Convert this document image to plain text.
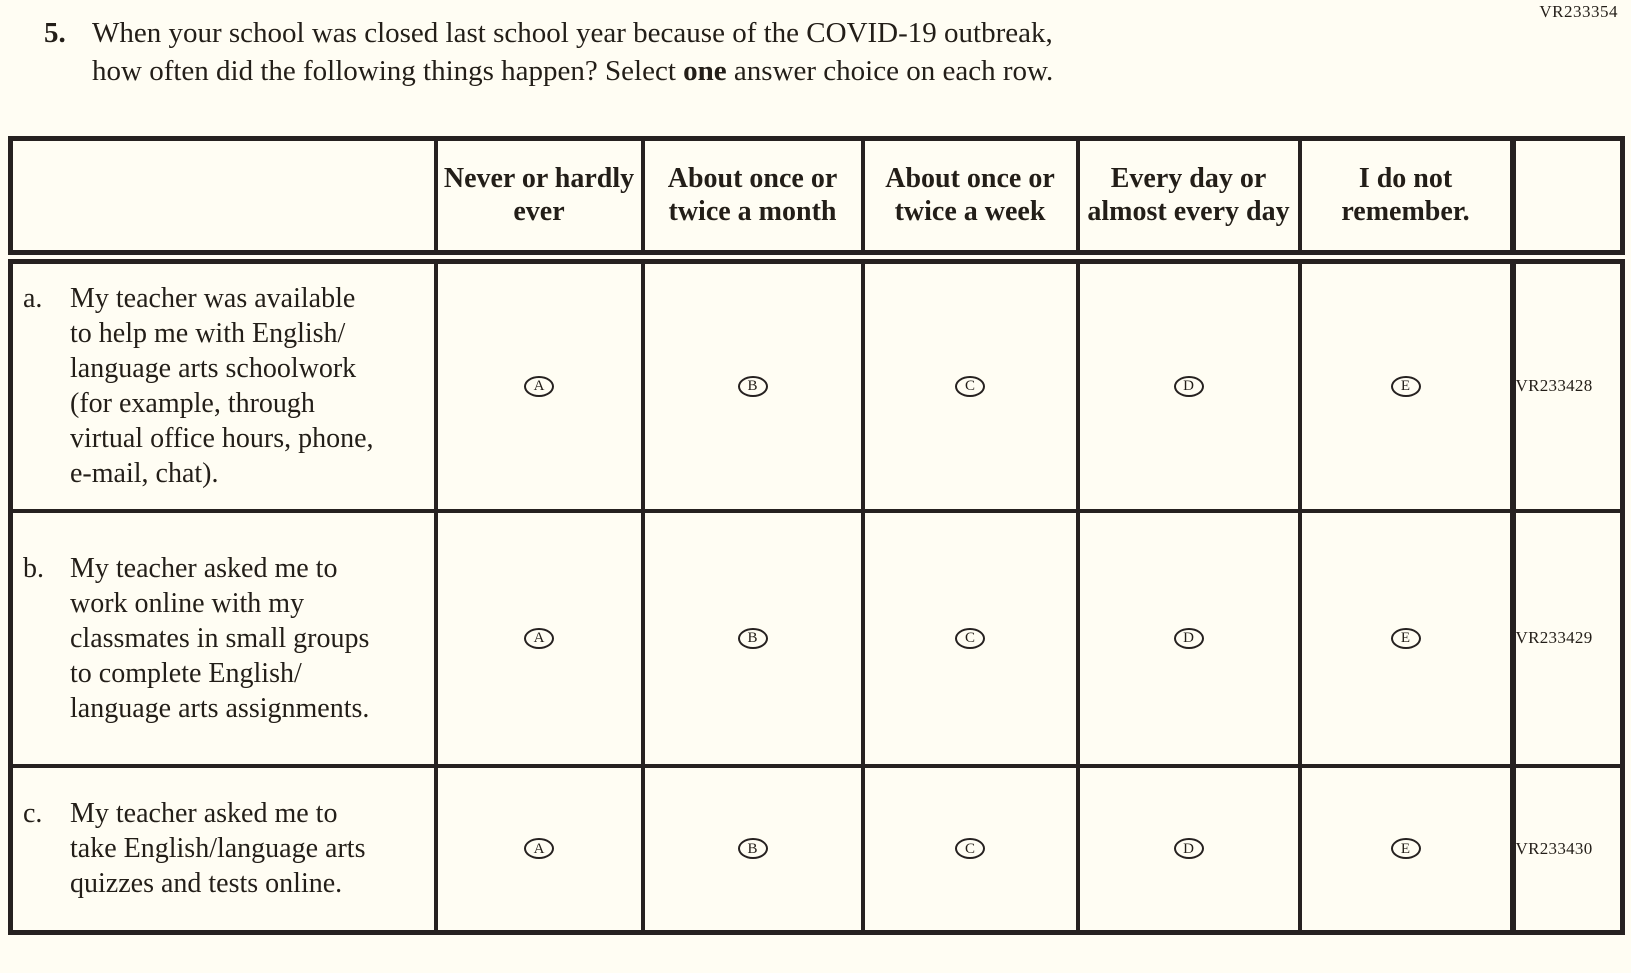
VR233354
5. When your school was closed last school year because of the COVID-19 outbreak,
how often did the following things happen? Select one answer choice on each row.
	Never or hardly ever	About once or twice a month	About once or twice a week	Every day or almost every day	I do not remember.	

a. My teacher was available to help me with English/​language arts schoolwork (for example, through virtual office hours, phone, e-mail, chat).	A	B	C	D	E	VR233428

b. My teacher asked me to work online with my classmates in small groups to complete English/​language arts assignments.	A	B	C	D	E	VR233429

c. My teacher asked me to take English/​language arts quizzes and tests online.	A	B	C	D	E	VR233430
